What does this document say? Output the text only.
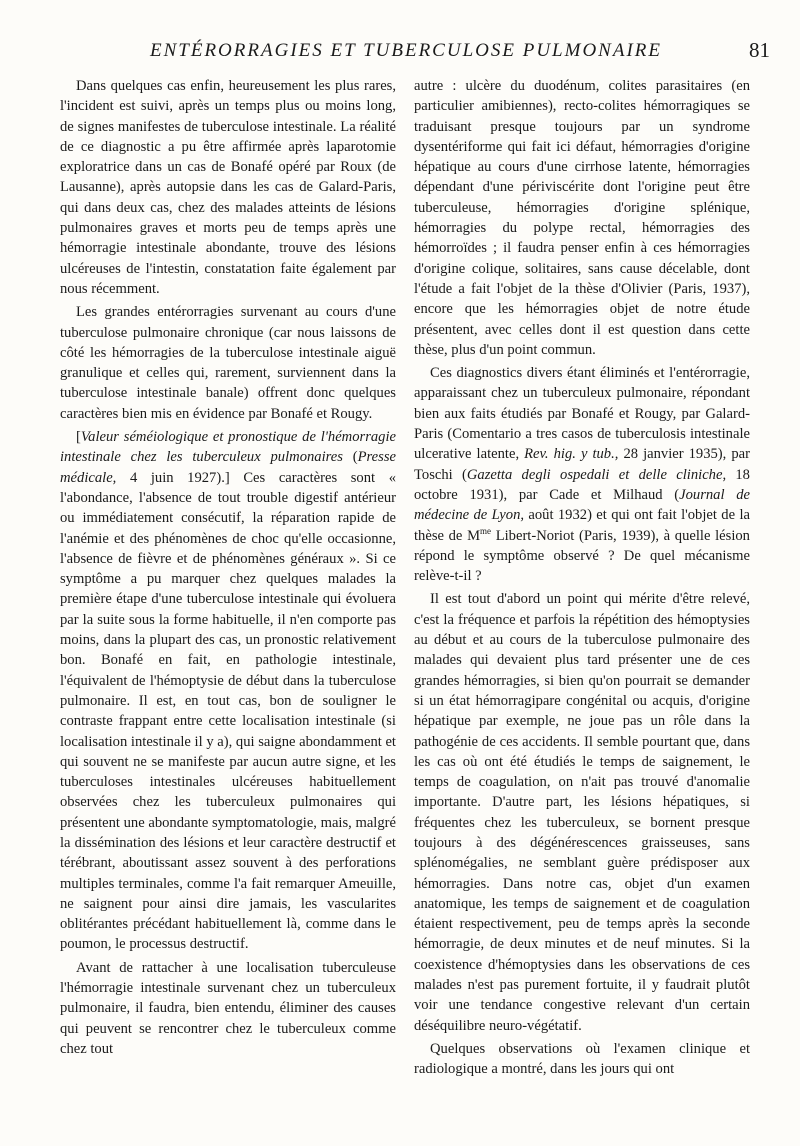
ENTÉRORRAGIES ET TUBERCULOSE PULMONAIRE	81

Dans quelques cas enfin, heureusement les plus rares, l'incident est suivi, après un temps plus ou moins long, de signes manifestes de tuberculose intestinale. La réalité de ce diagnostic a pu être affirmée après laparotomie exploratrice dans un cas de Bonafé opéré par Roux (de Lausanne), après autopsie dans les cas de Galard-Paris, qui dans deux cas, chez des malades atteints de lésions pulmonaires graves et morts peu de temps après une hémorragie intestinale abondante, trouve des lésions ulcéreuses de l'intestin, constatation faite également par nous récemment.

Les grandes entérorragies survenant au cours d'une tuberculose pulmonaire chronique (car nous laissons de côté les hémorragies de la tuberculose intestinale aiguë granulique et celles qui, rarement, surviennent dans la tuberculose intestinale banale) offrent donc quelques caractères bien mis en évidence par Bonafé et Rougy.

[Valeur séméiologique et pronostique de l'hémorragie intestinale chez les tuberculeux pulmonaires (Presse médicale, 4 juin 1927).] Ces caractères sont « l'abondance, l'absence de tout trouble digestif antérieur ou immédiatement consécutif, la réparation rapide de l'anémie et des phénomènes de choc qu'elle occasionne, l'absence de fièvre et de phénomènes généraux ». Si ce symptôme a pu marquer chez quelques malades la première étape d'une tuberculose intestinale qui évoluera par la suite sous la forme habituelle, il n'en comporte pas moins, dans la plupart des cas, un pronostic relativement bon. Bonafé en fait, en pathologie intestinale, l'équivalent de l'hémoptysie de début dans la tuberculose pulmonaire. Il est, en tout cas, bon de souligner le contraste frappant entre cette localisation intestinale (si localisation intestinale il y a), qui saigne abondamment et qui souvent ne se manifeste par aucun autre signe, et les tuberculoses intestinales ulcéreuses habituellement observées chez les tuberculeux pulmonaires qui présentent une abondante symptomatologie, mais, malgré la dissémination des lésions et leur caractère destructif et térébrant, aboutissant assez souvent à des perforations multiples terminales, comme l'a fait remarquer Ameuille, ne saignent pour ainsi dire jamais, les vascularites oblitérantes précédant habituellement là, comme dans le poumon, le processus destructif.

Avant de rattacher à une localisation tuberculeuse l'hémorragie intestinale survenant chez un tuberculeux pulmonaire, il faudra, bien entendu, éliminer des causes qui peuvent se rencontrer chez le tuberculeux comme chez tout

autre : ulcère du duodénum, colites parasitaires (en particulier amibiennes), recto-colites hémorragiques se traduisant presque toujours par un syndrome dysentériforme qui fait ici défaut, hémorragies d'origine hépatique au cours d'une cirrhose latente, hémorragies dépendant d'une périviscérite dont l'origine peut être tuberculeuse, hémorragies d'origine splénique, hémorragies du polype rectal, hémorragies des hémorroïdes ; il faudra penser enfin à ces hémorragies d'origine colique, solitaires, sans cause décelable, dont l'étude a fait l'objet de la thèse d'Olivier (Paris, 1937), encore que les hémorragies objet de notre étude présentent, avec celles dont il est question dans cette thèse, plus d'un point commun.

Ces diagnostics divers étant éliminés et l'entérorragie, apparaissant chez un tuberculeux pulmonaire, répondant bien aux faits étudiés par Bonafé et Rougy, par Galard-Paris (Comentario a tres casos de tuberculosis intestinale ulcerative latente, Rev. hig. y tub., 28 janvier 1935), par Toschi (Gazetta degli ospedali et delle cliniche, 18 octobre 1931), par Cade et Milhaud (Journal de médecine de Lyon, août 1932) et qui ont fait l'objet de la thèse de $M^{me}$ Libert-Noriot (Paris, 1939), à quelle lésion répond le symptôme observé ? De quel mécanisme relève-t-il ?

Il est tout d'abord un point qui mérite d'être relevé, c'est la fréquence et parfois la répétition des hémoptysies au début et au cours de la tuberculose pulmonaire des malades qui devaient plus tard présenter une de ces grandes hémorragies, si bien qu'on pourrait se demander si un état hémorragipare congénital ou acquis, d'origine hépatique par exemple, ne joue pas un rôle dans la pathogénie de ces accidents. Il semble pourtant que, dans les cas où ont été étudiés le temps de saignement, le temps de coagulation, on n'ait pas trouvé d'anomalie importante. D'autre part, les lésions hépatiques, si fréquentes chez les tuberculeux, se bornent presque toujours à des dégénérescences graisseuses, sans splénomégalies, ne semblant guère prédisposer aux hémorragies. Dans notre cas, objet d'un examen anatomique, les temps de saignement et de coagulation étaient respectivement, peu de temps après la seconde hémorragie, de deux minutes et de neuf minutes. Si la coexistence d'hémoptysies dans les observations de ces malades n'est pas purement fortuite, il y faudrait plutôt voir une tendance congestive relevant d'un certain déséquilibre neuro-végétatif.

Quelques observations où l'examen clinique et radiologique a montré, dans les jours qui ont
